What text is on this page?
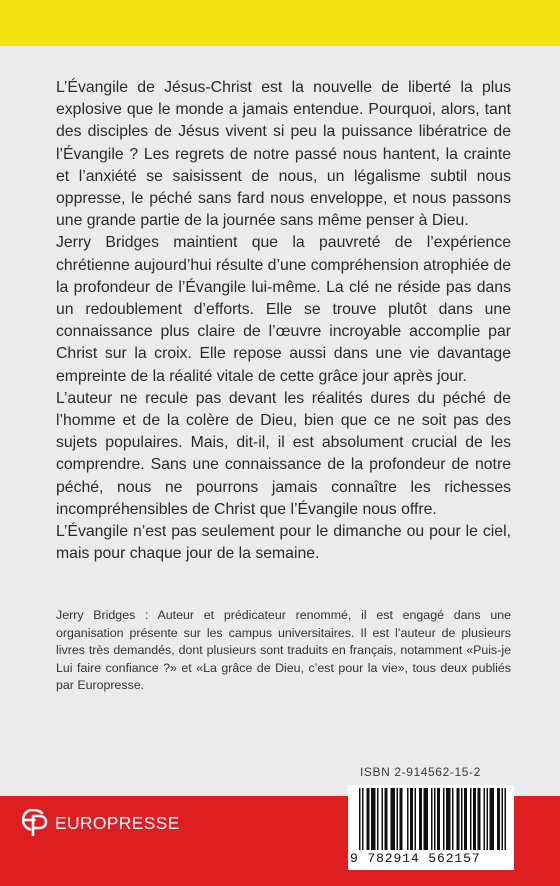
L’Évangile de Jésus-Christ est la nouvelle de liberté la plus explosive que le monde a jamais entendue. Pourquoi, alors, tant des disciples de Jésus vivent si peu la puissance libératrice de l’Évangile ? Les regrets de notre passé nous hantent, la crainte et l’anxiété se saisissent de nous, un légalisme subtil nous oppresse, le péché sans fard nous enveloppe, et nous passons une grande partie de la journée sans même penser à Dieu.

Jerry Bridges maintient que la pauvreté de l’expérience chrétienne aujourd’hui résulte d’une compréhension atrophiée de la profondeur de l’Évangile lui-même. La clé ne réside pas dans un redoublement d’efforts. Elle se trouve plutôt dans une connaissance plus claire de l’œuvre incroyable accomplie par Christ sur la croix. Elle repose aussi dans une vie davantage empreinte de la réalité vitale de cette grâce jour après jour.

L’auteur ne recule pas devant les réalités dures du péché de l’homme et de la colère de Dieu, bien que ce ne soit pas des sujets populaires. Mais, dit-il, il est absolument crucial de les comprendre. Sans une connaissance de la profondeur de notre péché, nous ne pourrons jamais connaître les richesses incompréhensibles de Christ que l’Évangile nous offre.

L’Évangile n’est pas seulement pour le dimanche ou pour le ciel, mais pour chaque jour de la semaine.

Jerry Bridges : Auteur et prédicateur renommé, il est engagé dans une organisation présente sur les campus universitaires. Il est l’auteur de plusieurs livres très demandés, dont plusieurs sont traduits en français, notamment «Puis-je Lui faire confiance ?» et «La grâce de Dieu, c’est pour la vie», tous deux publiés par Europresse.

ISBN 2-914562-15-2
EUROPRESSE
9 782914 562157
